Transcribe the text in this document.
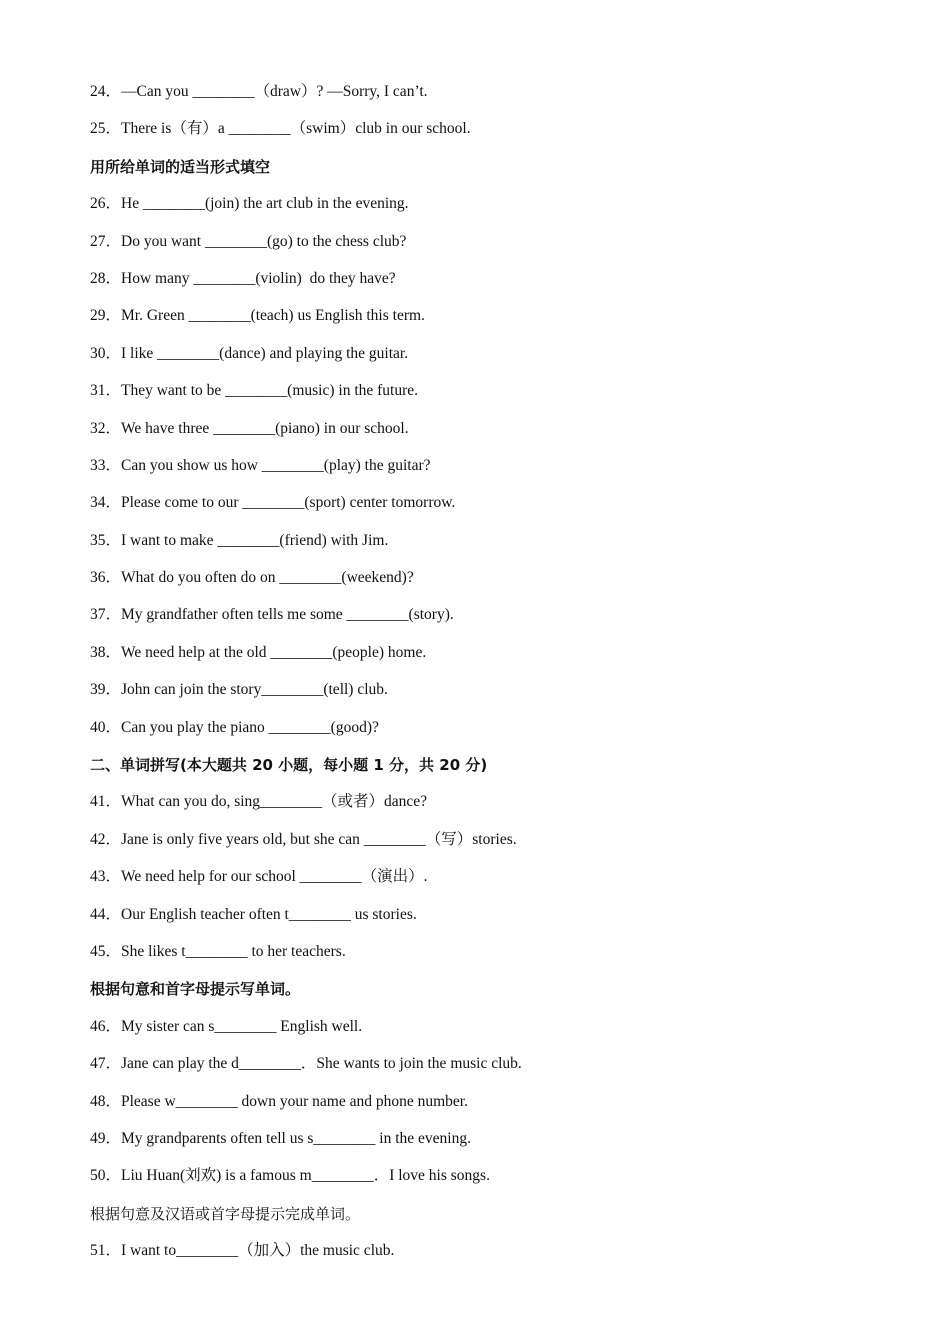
24．—Can you ________（draw）? —Sorry, I can’t.
25．There is（有）a ________（swim）club in our school.
用所给单词的适当形式填空
26．He ________(join) the art club in the evening.
27．Do you want ________(go) to the chess club?
28．How many ________(violin)  do they have?
29．Mr. Green ________(teach) us English this term.
30．I like ________(dance) and playing the guitar.
31．They want to be ________(music) in the future.
32．We have three ________(piano) in our school.
33．Can you show us how ________(play) the guitar?
34．Please come to our ________(sport) center tomorrow.
35．I want to make ________(friend) with Jim.
36．What do you often do on ________(weekend)?
37．My grandfather often tells me some ________(story).
38．We need help at the old ________(people) home.
39．John can join the story________(tell) club.
40．Can you play the piano ________(good)?
二、单词拼写(本大题共 20 小题，每小题 1 分，共 20 分)
41．What can you do, sing________（或者）dance?
42．Jane is only five years old, but she can ________（写）stories.
43．We need help for our school ________（演出）.
44．Our English teacher often t________ us stories.
45．She likes t________ to her teachers.
根据句意和首字母提示写单词。
46．My sister can s________ English well.
47．Jane can play the d________．She wants to join the music club.
48．Please w________ down your name and phone number.
49．My grandparents often tell us s________ in the evening.
50．Liu Huan(刘欢) is a famous m________．I love his songs.
根据句意及汉语或首字母提示完成单词。
51．I want to________（加入）the music club.
